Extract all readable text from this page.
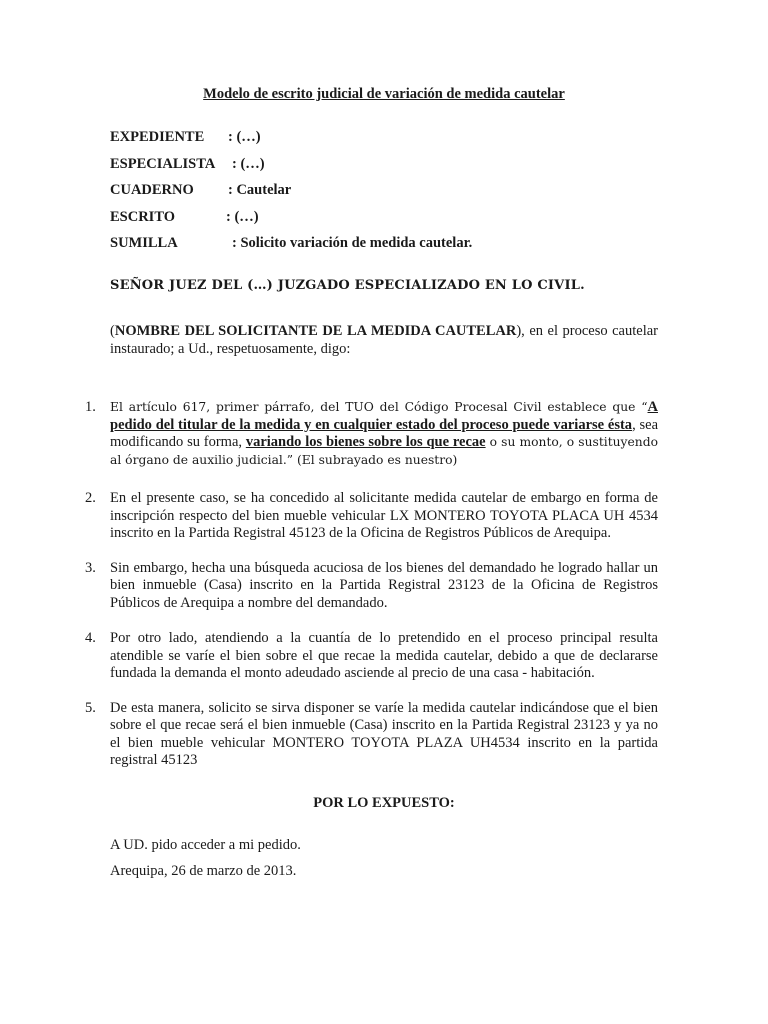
Modelo de escrito judicial de variación de medida cautelar
EXPEDIENTE : (…)
ESPECIALISTA : (…)
CUADERNO : Cautelar
ESCRITO	: (…)
SUMILLA	: Solicito variación de medida cautelar.
SEÑOR JUEZ DEL (…) JUZGADO ESPECIALIZADO EN LO CIVIL.
(NOMBRE DEL SOLICITANTE DE LA MEDIDA CAUTELAR), en el proceso cautelar instaurado; a Ud., respetuosamente, digo:
1. El artículo 617, primer párrafo, del TUO del Código Procesal Civil establece que “A pedido del titular de la medida y en cualquier estado del proceso puede variarse ésta, sea modificando su forma, variando los bienes sobre los que recae o su monto, o sustituyendo al órgano de auxilio judicial.” (El subrayado es nuestro)
2. En el presente caso, se ha concedido al solicitante medida cautelar de embargo en forma de inscripción respecto del bien mueble vehicular LX MONTERO TOYOTA PLACA UH 4534 inscrito en la Partida Registral 45123 de la Oficina de Registros Públicos de Arequipa.
3. Sin embargo, hecha una búsqueda acuciosa de los bienes del demandado he logrado hallar un bien inmueble (Casa) inscrito en la Partida Registral 23123 de la Oficina de Registros Públicos de Arequipa a nombre del demandado.
4. Por otro lado, atendiendo a la cuantía de lo pretendido en el proceso principal resulta atendible se varíe el bien sobre el que recae la medida cautelar, debido a que de declararse fundada la demanda el monto adeudado asciende al precio de una casa - habitación.
5. De esta manera, solicito se sirva disponer se varíe la medida cautelar indicándose que el bien sobre el que recae será el bien inmueble (Casa) inscrito en la Partida Registral 23123 y ya no el bien mueble vehicular MONTERO TOYOTA PLAZA UH4534 inscrito en la partida registral 45123
POR LO EXPUESTO:
A UD. pido acceder a mi pedido.
Arequipa, 26 de marzo de 2013.
